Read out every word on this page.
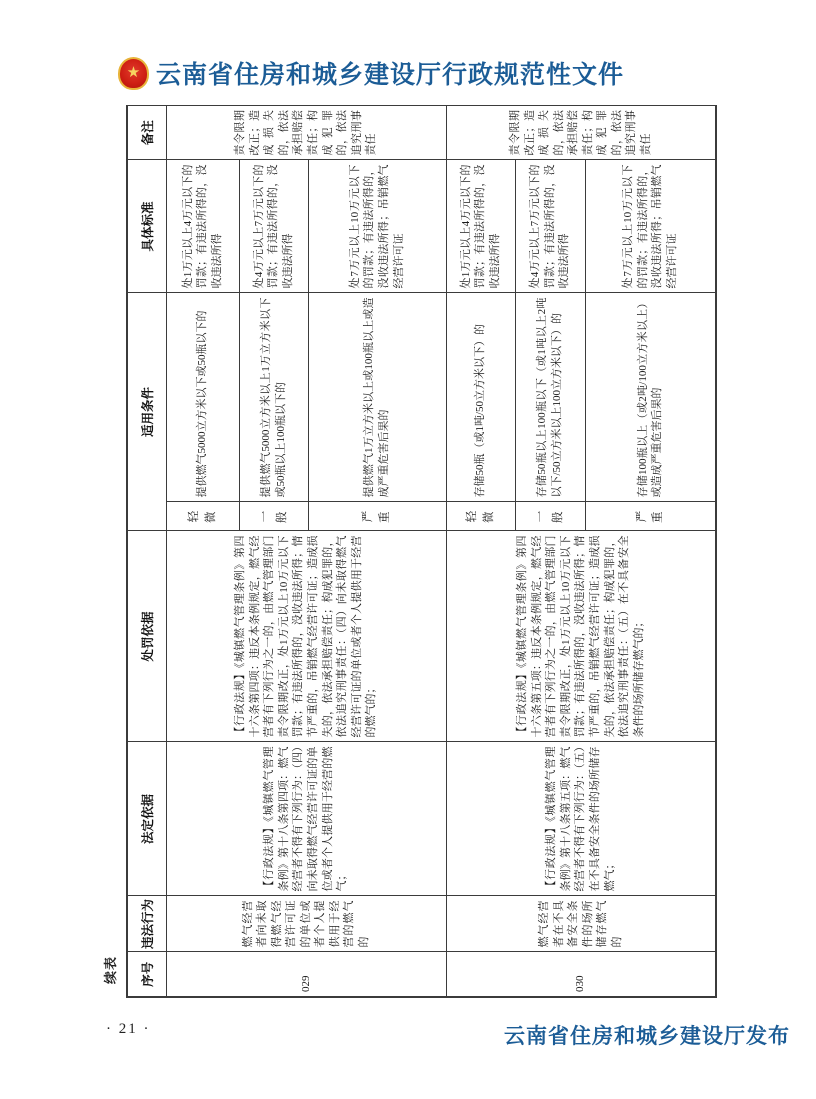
★ 云南省住房和城乡建设厅行政规范性文件
续表 序号	违法行为	法定依据	处罚依据	适用条件		具体标准	备注
029	燃气经营者向未取得燃气经营许可证的单位或者个人提供用于经营的燃气的	【行政法规】《城镇燃气管理条例》第十八条第四项：燃气经营者不得有下列行为：（四）向未取得燃气经营许可证的单位或者个人提供用于经营的燃气；	【行政法规】《城镇燃气管理条例》第四十六条第四项：违反本条例规定，燃气经营者有下列行为之一的，由燃气管理部门责令限期改正，处1万元以上10万元以下罚款；有违法所得的，没收违法所得；情节严重的，吊销燃气经营许可证；造成损失的，依法承担赔偿责任；构成犯罪的，依法追究刑事责任：（四）向未取得燃气经营许可证的单位或者个人提供用于经营的燃气的；	轻微	提供燃气5000立方米以下或50瓶以下的	处1万元以上4万元以下的罚款；有违法所得的，没收违法所得	责令限期改正；造成损失的，依法承担赔偿责任；构成犯罪的，依法追究刑事责任

				一般	提供燃气5000立方米以上1万立方米以下或50瓶以上100瓶以下的	处4万元以上7万元以下的罚款；有违法所得的，没收违法所得	

				严重	提供燃气1万立方米以上或100瓶以上或造成严重危害后果的	处7万元以上10万元以下的罚款；有违法所得的，没收违法所得；吊销燃气经营许可证	
030	燃气经营者在不具备安全条件的场所储存燃气的	【行政法规】《城镇燃气管理条例》第十八条第五项：燃气经营者不得有下列行为：（五）在不具备安全条件的场所储存燃气；	【行政法规】《城镇燃气管理条例》第四十六条第五项：违反本条例规定，燃气经营者有下列行为之一的，由燃气管理部门责令限期改正，处1万元以上10万元以下罚款；有违法所得的，没收违法所得；情节严重的，吊销燃气经营许可证；造成损失的，依法承担赔偿责任；构成犯罪的，依法追究刑事责任：（五）在不具备安全条件的场所储存燃气的；	轻微	存储50瓶（或1吨/50立方米以下）的	处1万元以上4万元以下的罚款；有违法所得的，没收违法所得	责令限期改正；造成损失的，依法承担赔偿责任；构成犯罪的，依法追究刑事责任

				一般	存储50瓶以上100瓶以下（或1吨以上2吨以下/50立方米以上100立方米以下）的	处4万元以上7万元以下的罚款；有违法所得的，没收违法所得	

				严重	存储100瓶以上（或2吨/100立方米以上）或造成严重危害后果的	处7万元以上10万元以下的罚款；有违法所得的，没收违法所得；吊销燃气经营许可证	
· 21 ·	云南省住房和城乡建设厅发布
